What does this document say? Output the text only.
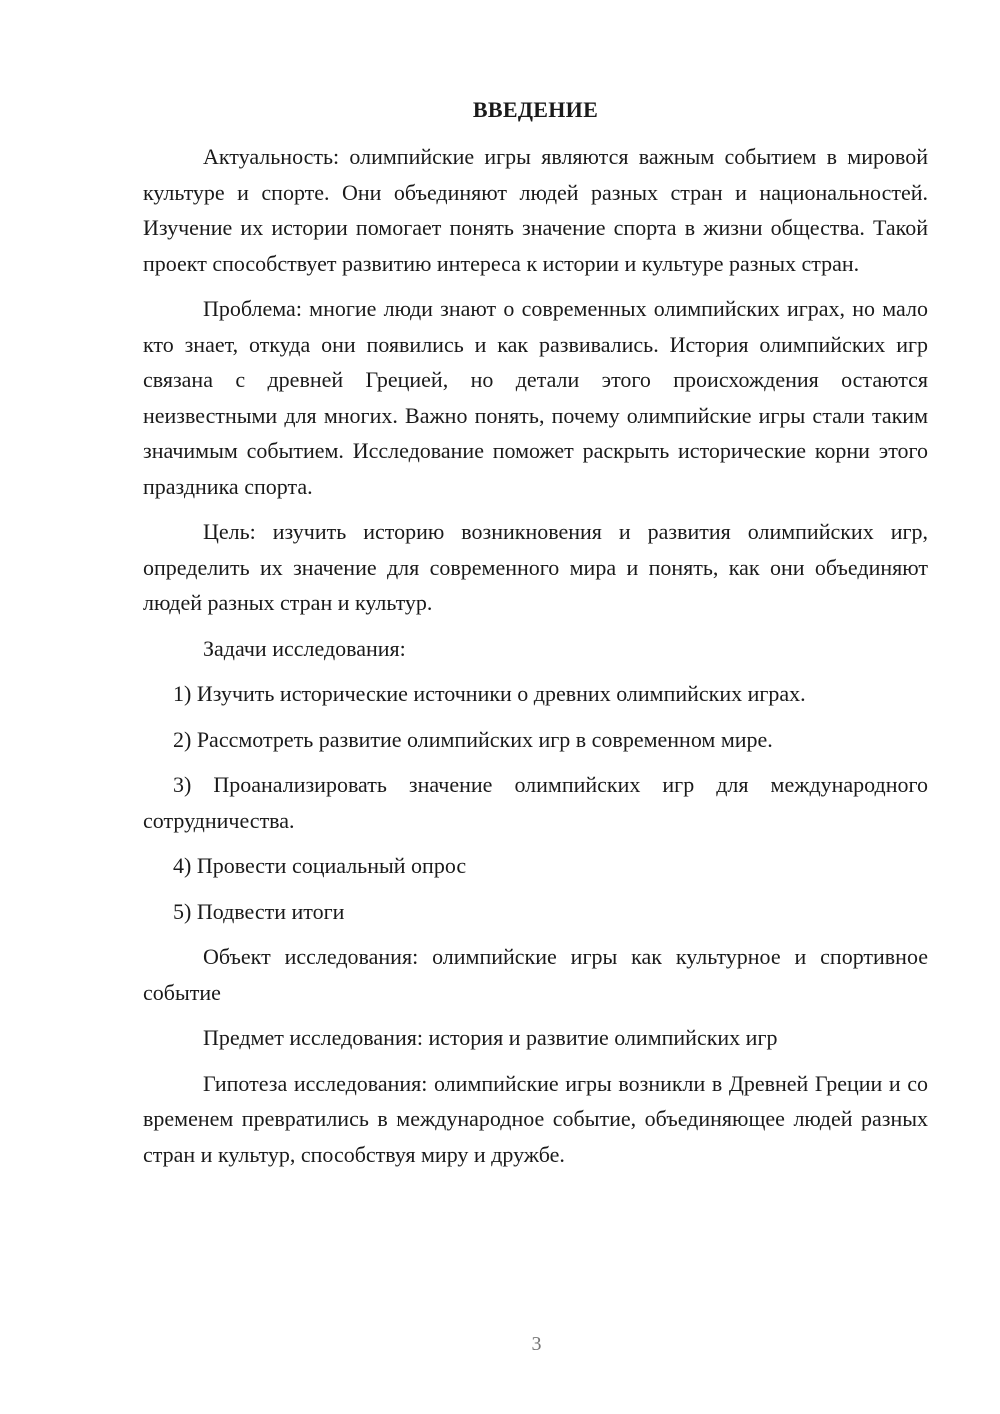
ВВЕДЕНИЕ

Актуальность: олимпийские игры являются важным событием в мировой культуре и спорте. Они объединяют людей разных стран и национальностей. Изучение их истории помогает понять значение спорта в жизни общества. Такой проект способствует развитию интереса к истории и культуре разных стран.

Проблема: многие люди знают о современных олимпийских играх, но мало кто знает, откуда они появились и как развивались. История олимпийских игр связана с древней Грецией, но детали этого происхождения остаются неизвестными для многих. Важно понять, почему олимпийские игры стали таким значимым событием. Исследование поможет раскрыть исторические корни этого праздника спорта.

Цель: изучить историю возникновения и развития олимпийских игр, определить их значение для современного мира и понять, как они объединяют людей разных стран и культур.

Задачи исследования:

1) Изучить исторические источники о древних олимпийских играх.

2) Рассмотреть развитие олимпийских игр в современном мире.

3) Проанализировать значение олимпийских игр для международного сотрудничества.

4) Провести социальный опрос

5) Подвести итоги

Объект исследования: олимпийские игры как культурное и спортивное событие

Предмет исследования: история и развитие олимпийских игр

Гипотеза исследования: олимпийские игры возникли в Древней Греции и со временем превратились в международное событие, объединяющее людей разных стран и культур, способствуя миру и дружбе.

3
